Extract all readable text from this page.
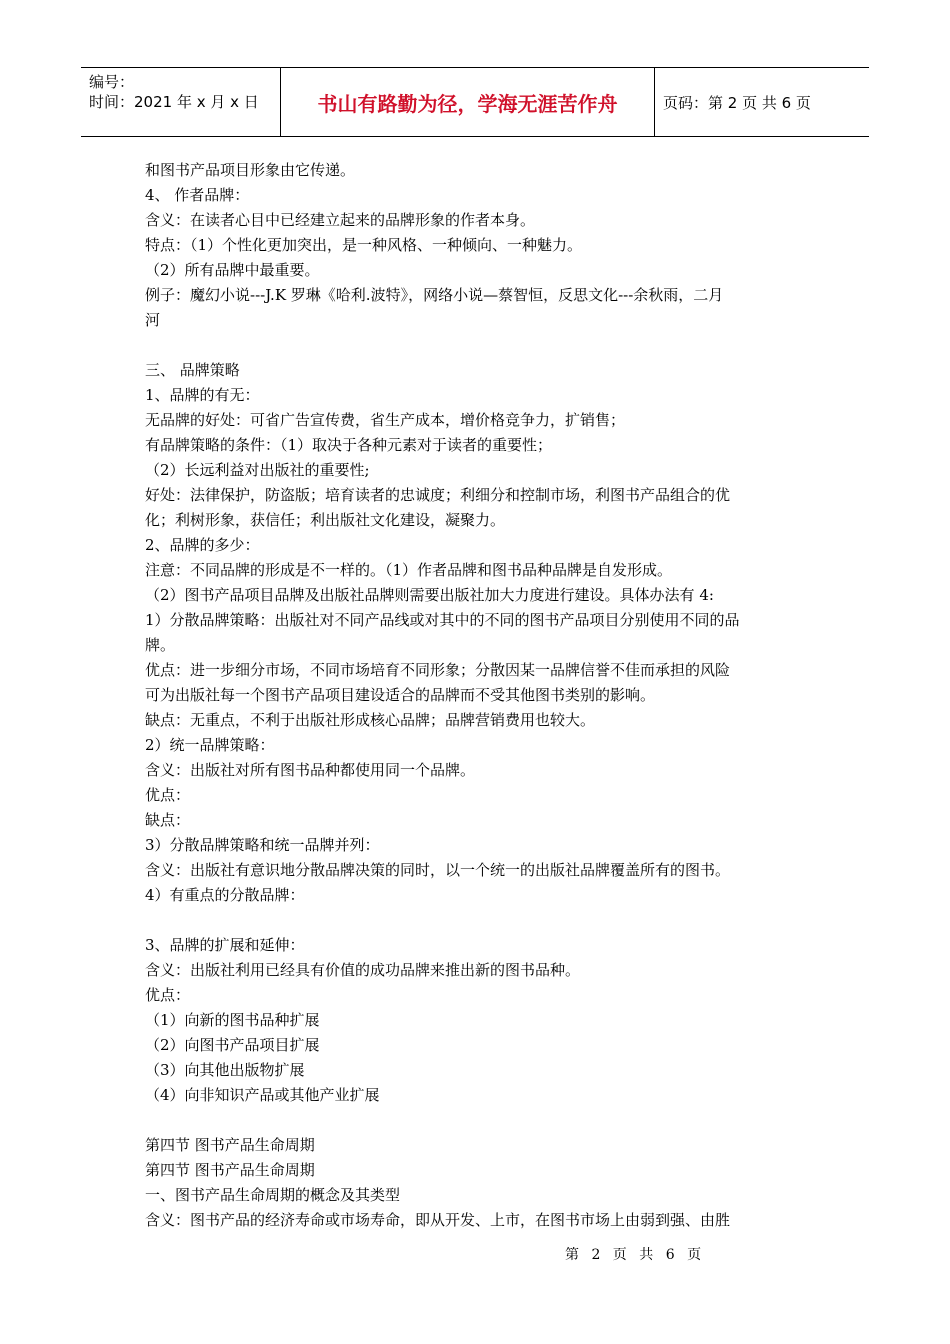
编号：
时间：2021 年 x 月 x 日	书山有路勤为径，学海无涯苦作舟	页码：第 2 页 共 6 页

和图书产品项目形象由它传递。

4、 作者品牌：

含义：在读者心目中已经建立起来的品牌形象的作者本身。

特点：（1）个性化更加突出，是一种风格、一种倾向、一种魅力。

（2）所有品牌中最重要。

例子：魔幻小说---J.K 罗琳《哈利.波特》，网络小说—蔡智恒，反思文化---余秋雨，二月

河

三、 品牌策略

1、品牌的有无：

无品牌的好处：可省广告宣传费，省生产成本，增价格竞争力，扩销售；

有品牌策略的条件：（1）取决于各种元素对于读者的重要性；

（2）长远利益对出版社的重要性;

好处：法律保护，防盗版；培育读者的忠诚度；利细分和控制市场，利图书产品组合的优

化；利树形象，获信任；利出版社文化建设，凝聚力。

2、品牌的多少：

注意：不同品牌的形成是不一样的。（1）作者品牌和图书品种品牌是自发形成。

（2）图书产品项目品牌及出版社品牌则需要出版社加大力度进行建设。具体办法有 4:

1）分散品牌策略：出版社对不同产品线或对其中的不同的图书产品项目分别使用不同的品

牌。

优点：进一步细分市场，不同市场培育不同形象；分散因某一品牌信誉不佳而承担的风险

可为出版社每一个图书产品项目建设适合的品牌而不受其他图书类别的影响。

缺点：无重点，不利于出版社形成核心品牌；品牌营销费用也较大。

2）统一品牌策略：

含义：出版社对所有图书品种都使用同一个品牌。

优点：

缺点：

3）分散品牌策略和统一品牌并列：

含义：出版社有意识地分散品牌决策的同时，以一个统一的出版社品牌覆盖所有的图书。

4）有重点的分散品牌：

3、品牌的扩展和延伸：

含义：出版社利用已经具有价值的成功品牌来推出新的图书品种。

优点：

（1）向新的图书品种扩展

（2）向图书产品项目扩展

（3）向其他出版物扩展

（4）向非知识产品或其他产业扩展

第四节 图书产品生命周期

第四节 图书产品生命周期

一、图书产品生命周期的概念及其类型

含义：图书产品的经济寿命或市场寿命，即从开发、上市，在图书市场上由弱到强、由胜

第 2 页 共 6 页
